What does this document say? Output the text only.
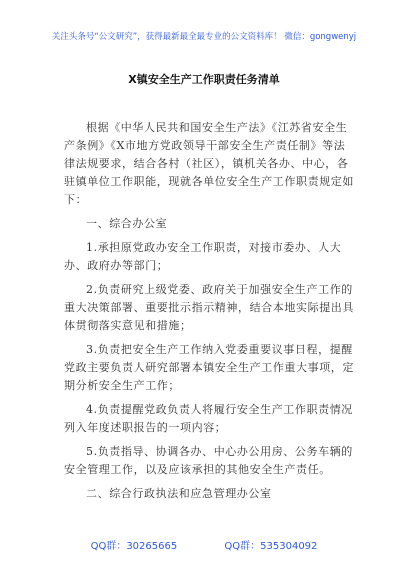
关注头条号“公文研究”，获得最新最全最专业的公文资料库！ 微信：gongwenyj
X镇安全生产工作职责任务清单

根据《中华人民共和国安全生产法》《江苏省安全生产条例》《X市地方党政领导干部安全生产责任制》等法律法规要求，结合各村（社区），镇机关各办、中心，各驻镇单位工作职能，现就各单位安全生产工作职责规定如下：

一、综合办公室

1.承担原党政办安全工作职责，对接市委办、人大办、政府办等部门；

2.负责研究上级党委、政府关于加强安全生产工作的重大决策部署、重要批示指示精神，结合本地实际提出具体贯彻落实意见和措施；

3.负责把安全生产工作纳入党委重要议事日程，提醒党政主要负责人研究部署本镇安全生产工作重大事项，定期分析安全生产工作；

4.负责提醒党政负责人将履行安全生产工作职责情况列入年度述职报告的一项内容；

5.负责指导、协调各办、中心办公用房、公务车辆的安全管理工作，以及应该承担的其他安全生产责任。

二、综合行政执法和应急管理办公室

QQ群：30265665	QQ群：535304092
